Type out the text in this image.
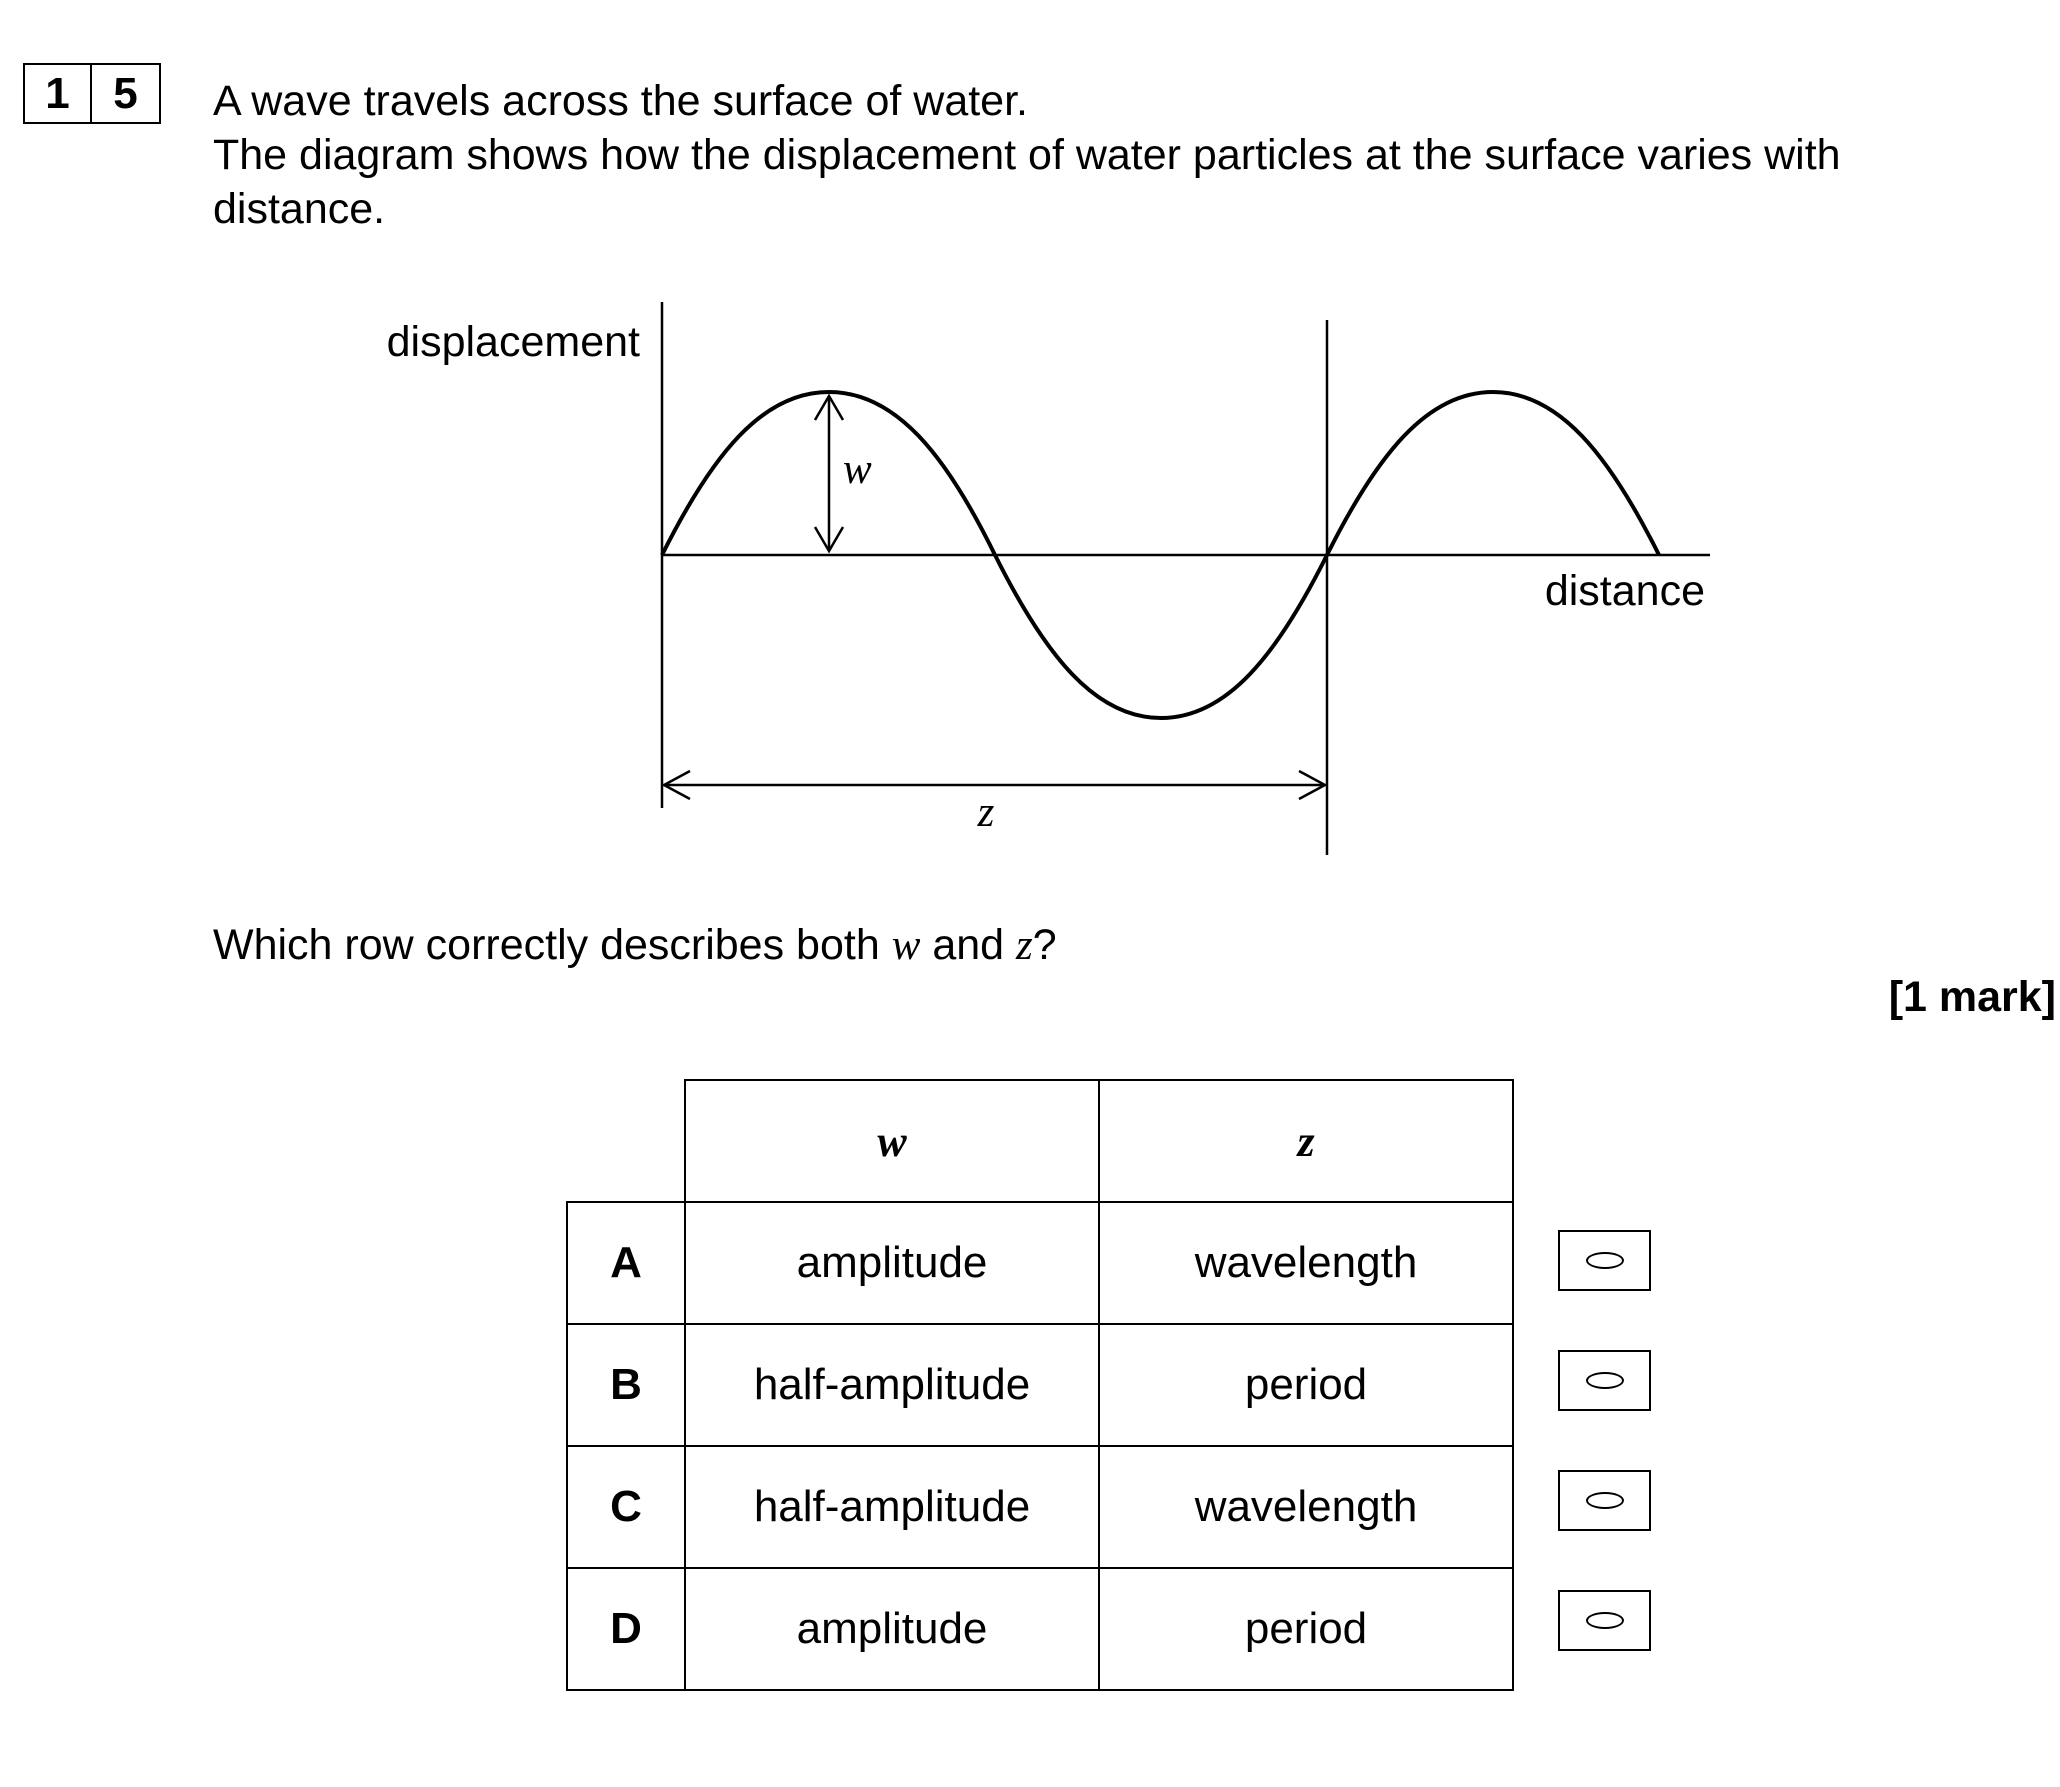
1 5	A wave travels across the surface of water.
The diagram shows how the displacement of water particles at the surface varies with
distance.
displacement
distance
w
z
Which row correctly describes both w and z?
[1 mark]
	w	z
A	amplitude	wavelength
B	half-amplitude	period
C	half-amplitude	wavelength
D	amplitude	period
